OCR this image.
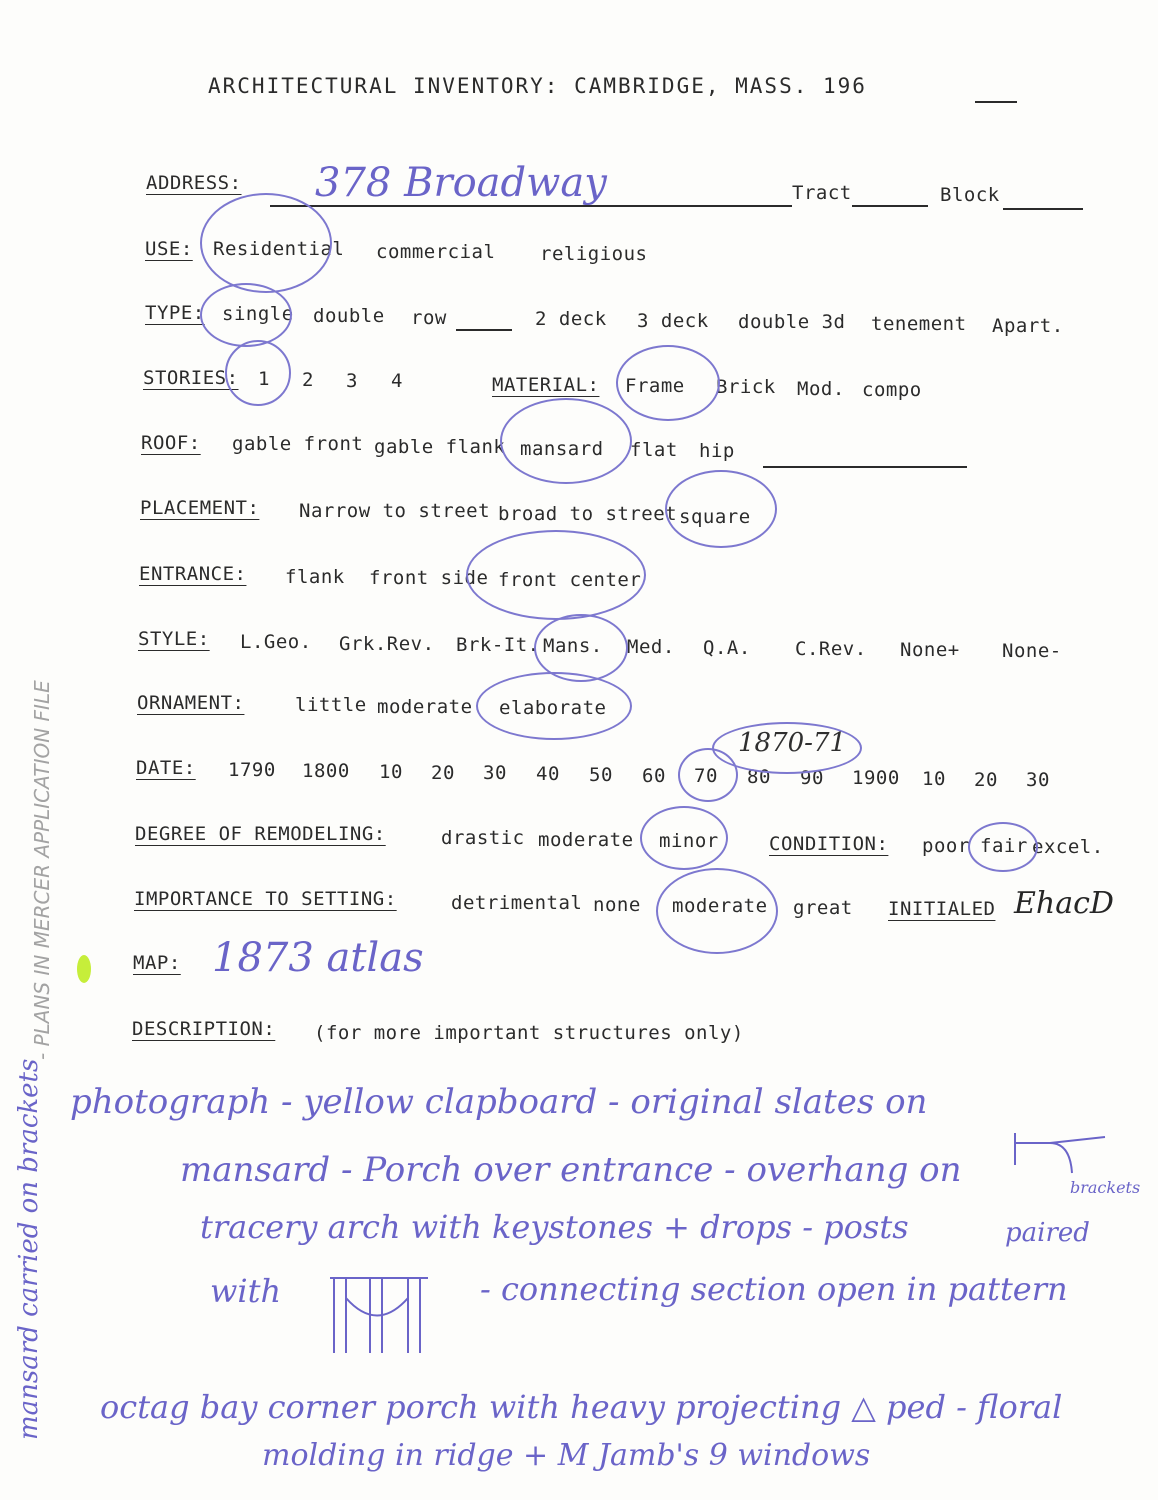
ARCHITECTURAL INVENTORY: CAMBRIDGE, MASS. 196
ADDRESS: 378 Broadway	Tract	Block
USE: Residential commercial religious
TYPE: single double row	2 deck 3 deck double 3d tenement Apart.
STORIES: 1 2 3 4	MATERIAL: Frame Brick Mod. compo
ROOF: gable front gable flank mansard flat hip
PLACEMENT: Narrow to street broad to street square
ENTRANCE: flank front side front center
STYLE: L.Geo. Grk.Rev. Brk-It. Mans. Med. Q.A. C.Rev. None+ None-
ORNAMENT:	little moderate elaborate
DATE: 1790 1800 10 20 30 40 50 60 70 80 90 1900 10 20 30
1870-71
DEGREE OF REMODELING:	drastic moderate minor	CONDITION: poor fair excel.
IMPORTANCE TO SETTING:	detrimental none moderate great INITIALED EhacD
MAP: 1873 atlas
DESCRIPTION: (for more important structures only)
photograph - yellow clapboard - original slates on
mansard - Porch over entrance - overhang on
tracery arch with keystones + drops - posts
with	- connecting section open in pattern
octag bay corner porch with heavy projecting △ ped - floral
molding in ridge + M Jamb's 9 windows
brackets
paired
mansard carried on brackets
- PLANS IN MERCER APPLICATION FILE
